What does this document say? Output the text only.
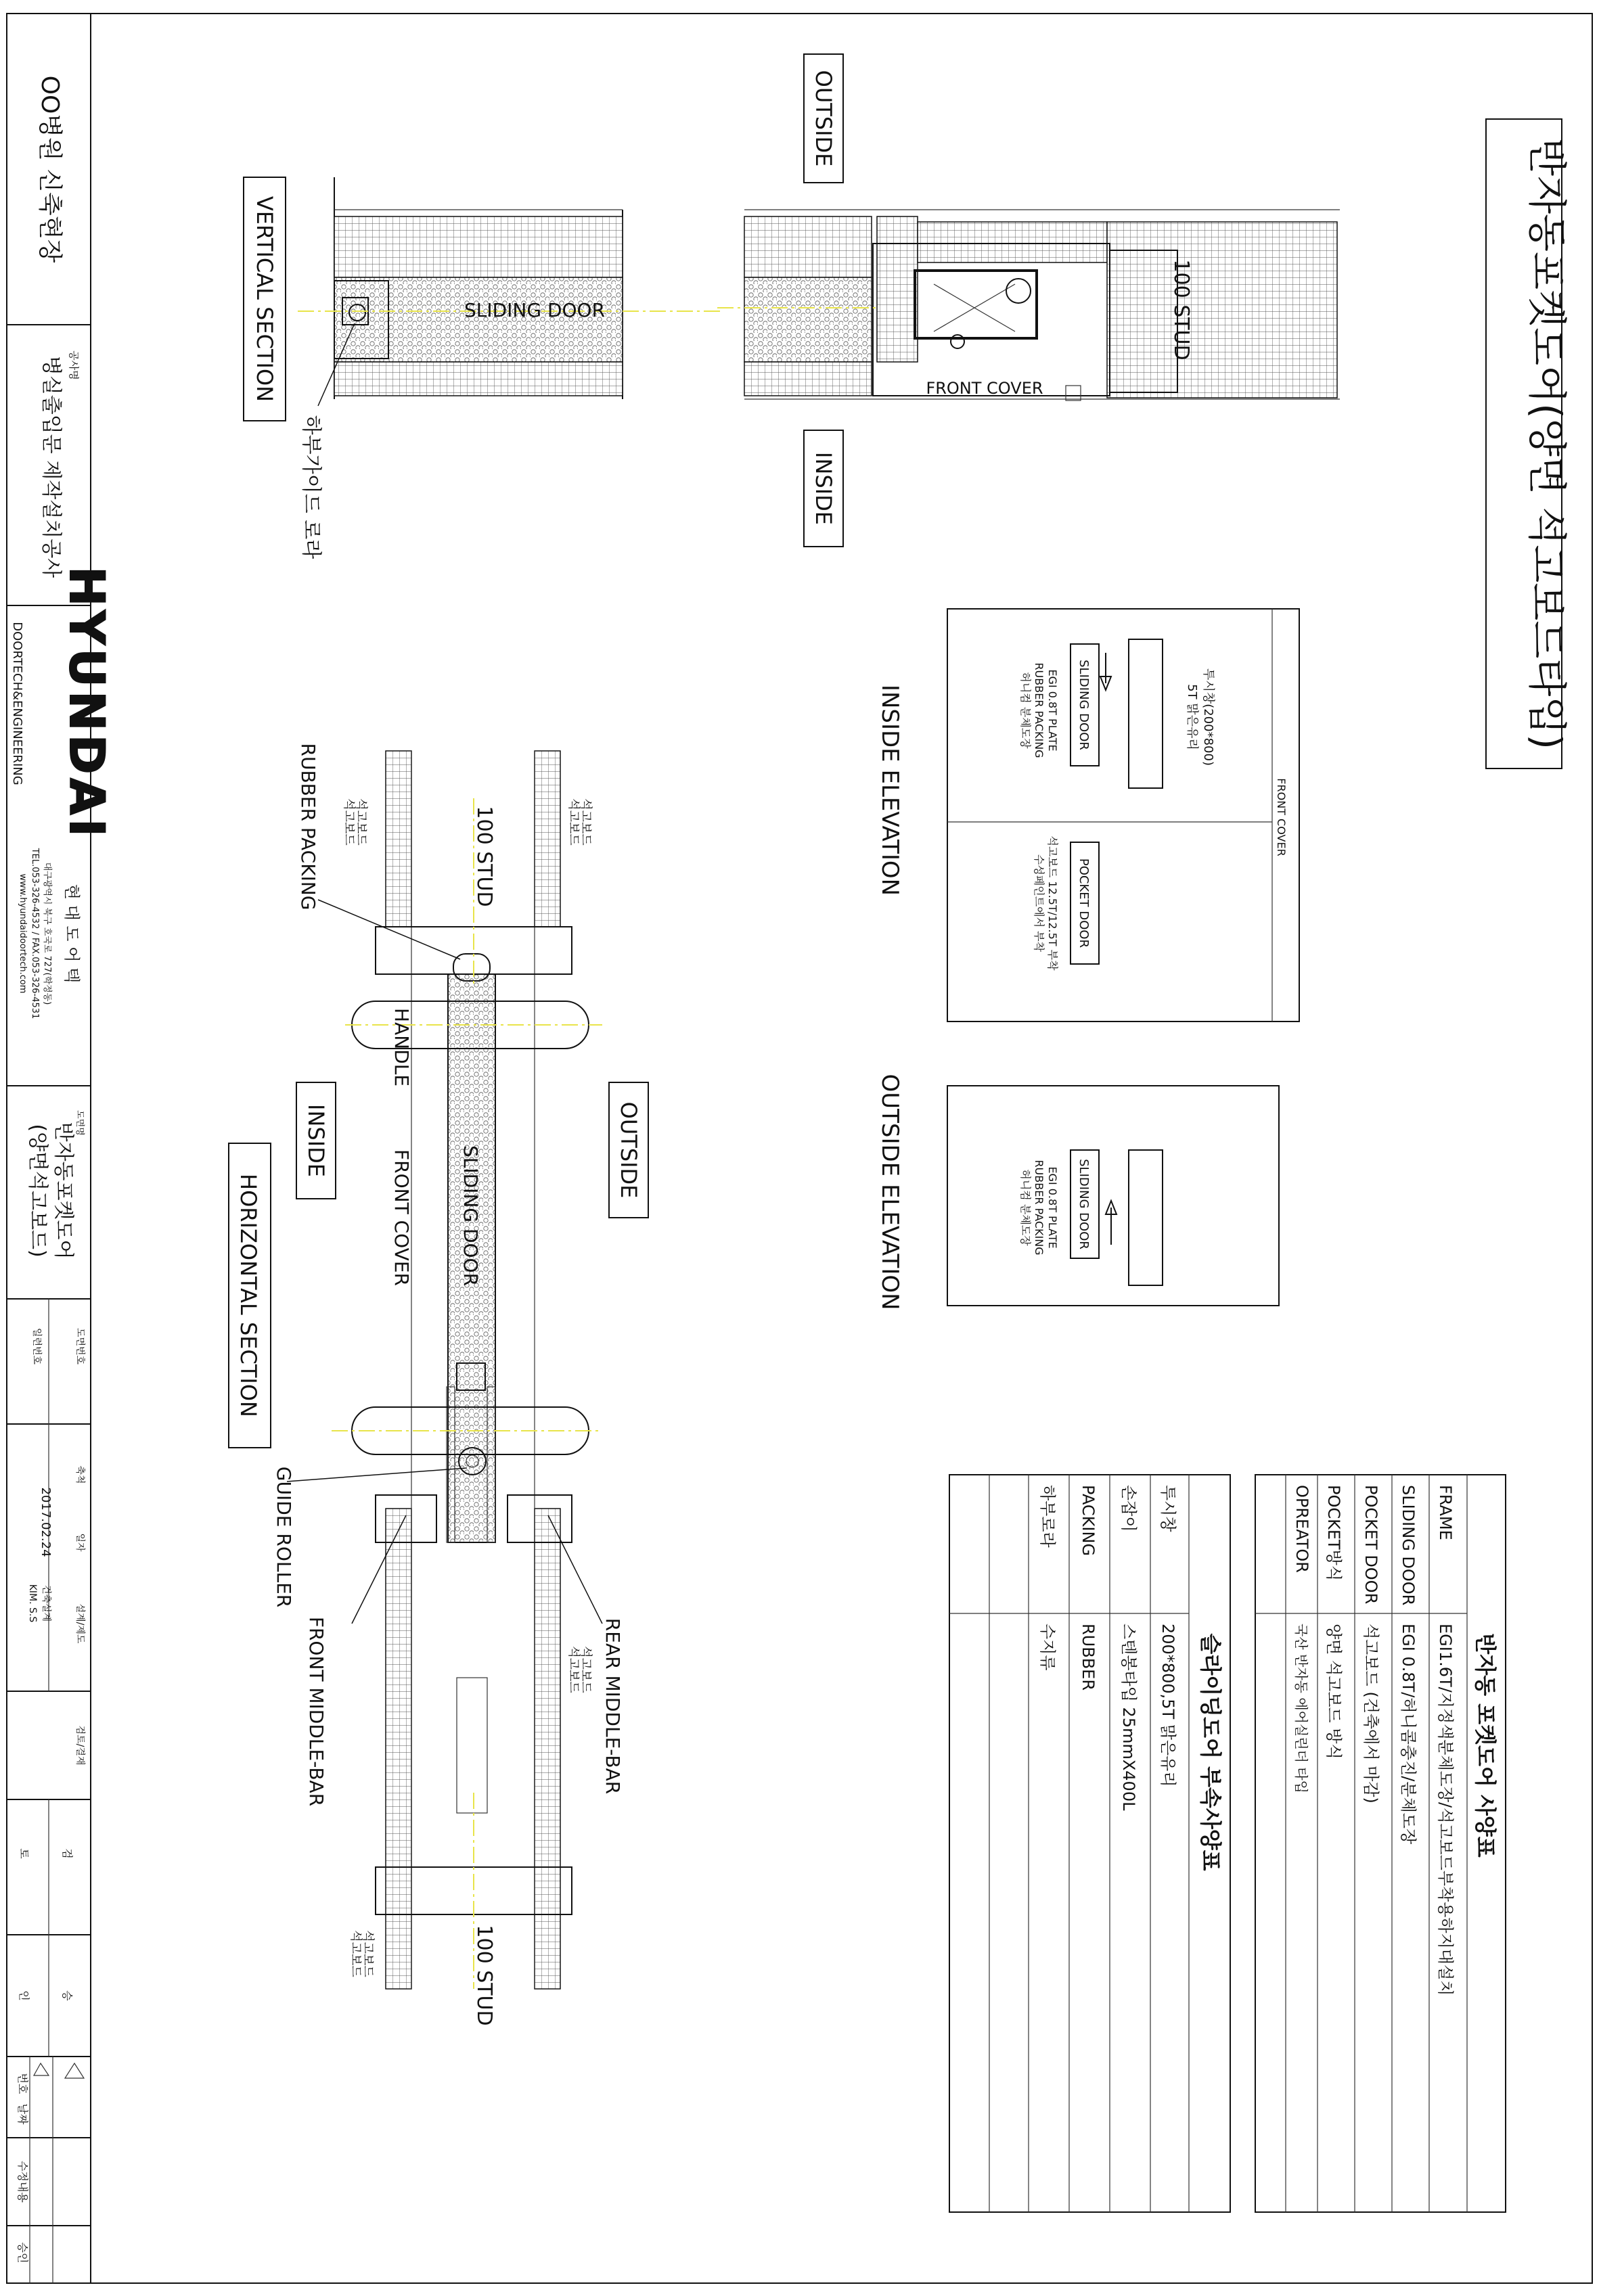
OO병원 신축현장
공사명
병실출입문 제작설치공사
HYUNDAI
DOORTECH&ENGINEERING
현 대 도 어 텍
대구광역시 북구 호국로 727(학정동)
TEL.053-326-4532 / FAX.053-326-4531
www.hyundaidoortech.com
도면명
반자동포켓도어
(양면석고보드)
도면번호
일련번호
축척
일자
2017.02.24
설계/제도
건축설계
KIM. S.S
검토/결재
검
토
승
인
번호
날짜
수정내용
승인
반자동포켓도어(양면 석고보드타입)
SLIDING DOOR
하부가이드 로라
VERTICAL SECTION
OUTSIDE
INSIDE
FRONT COVER
100 STUD
FRONT COVER
투시창(200*800)
5T 맑은유리
SLIDING DOOR
EGI 0.8T PLATE
RUBBER PACKING
허니컴 분체도장
POCKET DOOR
석고보드 12.5T/12.5T 부착
수성페인트에서 부착
INSIDE ELEVATION
SLIDING DOOR
EGI 0.8T PLATE
RUBBER PACKING
허니컴 분체도장
OUTSIDE ELEVATION
석고보드
석고보드
석고보드
석고보드
석고보드
석고보드
석고보드
석고보드
100 STUD
100 STUD
RUBBER PACKING
HANDLE
FRONT COVER SLIDING DOOR	OUTSIDE
INSIDE
HORIZONTAL SECTION
GUIDE ROLLER
FRONT MIDDLE-BAR	REAR MIDDLE-BAR	반자동 포켓도어 사양표
FRAME
EGI1.6T/지정색분체도장/석고보드부착용하지대설치
SLIDING DOOR
EGI 0.8T/허니콤충진/분체도장
POCKET DOOR
석고보드 (건축에서 마감)
POCKET방식
양면 석고보드 방식
OPREATOR
국산 반자동 에어실린더 타입
슬라이딩도어 부속사양표
투시창
200*800,5T 맑은유리
손잡이
스텐봉타입 25mmX400L
PACKING
RUBBER
하부로라
수지류
